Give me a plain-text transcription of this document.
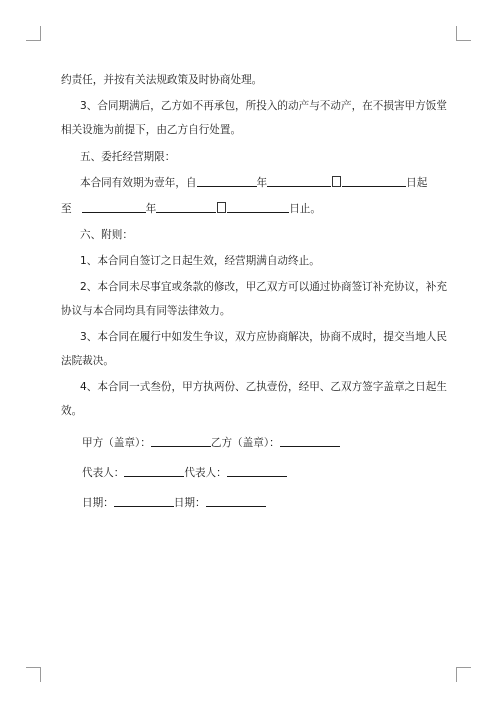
约责任，并按有关法规政策及时协商处理。
3、合同期满后，乙方如不再承包，所投入的动产与不动产，在不损害甲方饭堂
相关设施为前提下，由乙方自行处置。
五、委托经营期限：
本合同有效期为壹年，自	年	日起
至	年	日止。
六、附则：
1、本合同自签订之日起生效，经营期满自动终止。
2、本合同未尽事宜或条款的修改，甲乙双方可以通过协商签订补充协议，补充
协议与本合同均具有同等法律效力。
3、本合同在履行中如发生争议，双方应协商解决，协商不成时，提交当地人民
法院裁决。
4、本合同一式叁份，甲方执两份、乙执壹份，经甲、乙双方签字盖章之日起生
效。
甲方（盖章）：	乙方（盖章）：
代表人：	代表人：
日期：	日期：
